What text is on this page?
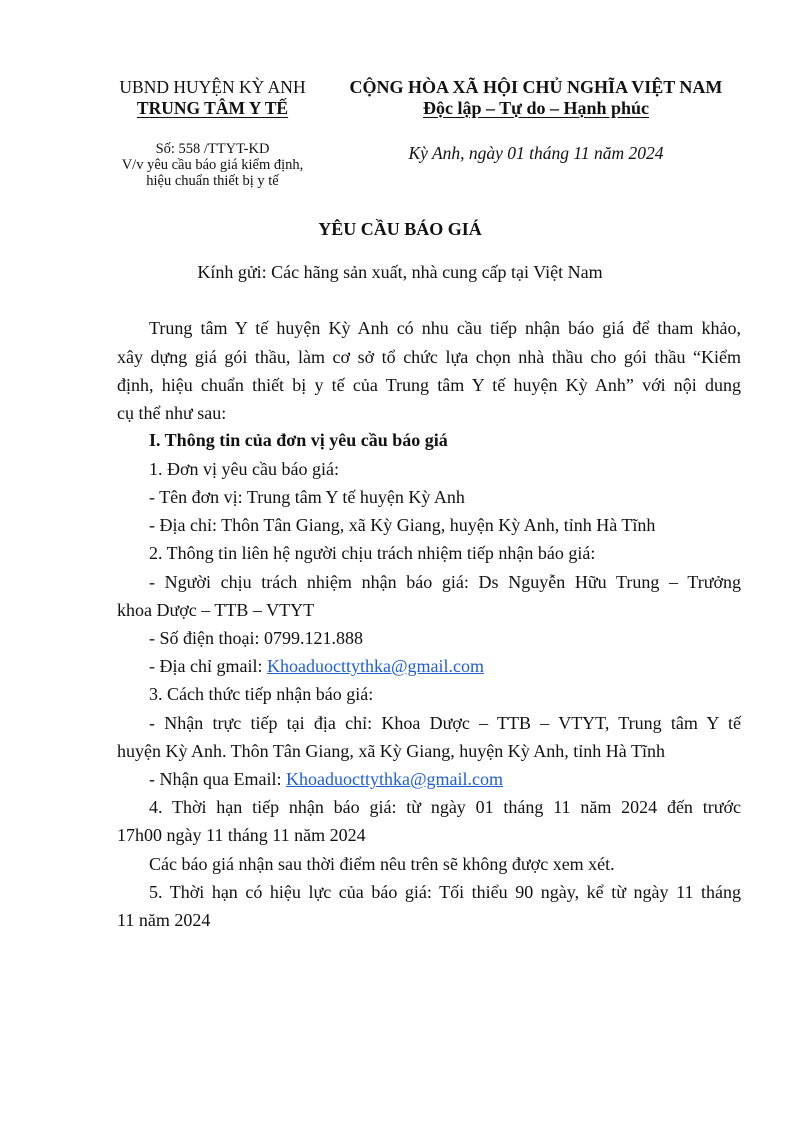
UBND HUYỆN KỲ ANH
TRUNG TÂM Y TẾ
CỘNG HÒA XÃ HỘI CHỦ NGHĨA VIỆT NAM
Độc lập – Tự do – Hạnh phúc
Số: 558 /TTYT-KD
V/v yêu cầu báo giá kiểm định,
hiệu chuẩn thiết bị y tế
Kỳ Anh, ngày 01 tháng 11 năm 2024
YÊU CẦU BÁO GIÁ
Kính gửi: Các hãng sản xuất, nhà cung cấp tại Việt Nam
Trung tâm Y tế huyện Kỳ Anh có nhu cầu tiếp nhận báo giá để tham khảo,
xây dựng giá gói thầu, làm cơ sở tổ chức lựa chọn nhà thầu cho gói thầu “Kiểm
định, hiệu chuẩn thiết bị y tế của Trung tâm Y tế huyện Kỳ Anh” với nội dung
cụ thể như sau:
I. Thông tin của đơn vị yêu cầu báo giá
1. Đơn vị yêu cầu báo giá:
- Tên đơn vị: Trung tâm Y tế huyện Kỳ Anh
- Địa chỉ: Thôn Tân Giang, xã Kỳ Giang, huyện Kỳ Anh, tỉnh Hà Tĩnh
2. Thông tin liên hệ người chịu trách nhiệm tiếp nhận báo giá:
- Người chịu trách nhiệm nhận báo giá: Ds Nguyễn Hữu Trung – Trưởng
khoa Dược – TTB – VTYT
- Số điện thoại: 0799.121.888
- Địa chỉ gmail: Khoaduocttythka@gmail.com
3. Cách thức tiếp nhận báo giá:
- Nhận trực tiếp tại địa chỉ: Khoa Dược – TTB – VTYT, Trung tâm Y tế
huyện Kỳ Anh. Thôn Tân Giang, xã Kỳ Giang, huyện Kỳ Anh, tỉnh Hà Tĩnh
- Nhận qua Email: Khoaduocttythka@gmail.com
4. Thời hạn tiếp nhận báo giá: từ ngày 01 tháng 11 năm 2024 đến trước
17h00 ngày 11 tháng 11 năm 2024
Các báo giá nhận sau thời điểm nêu trên sẽ không được xem xét.
5. Thời hạn có hiệu lực của báo giá: Tối thiểu 90 ngày, kể từ ngày 11 tháng
11 năm 2024
